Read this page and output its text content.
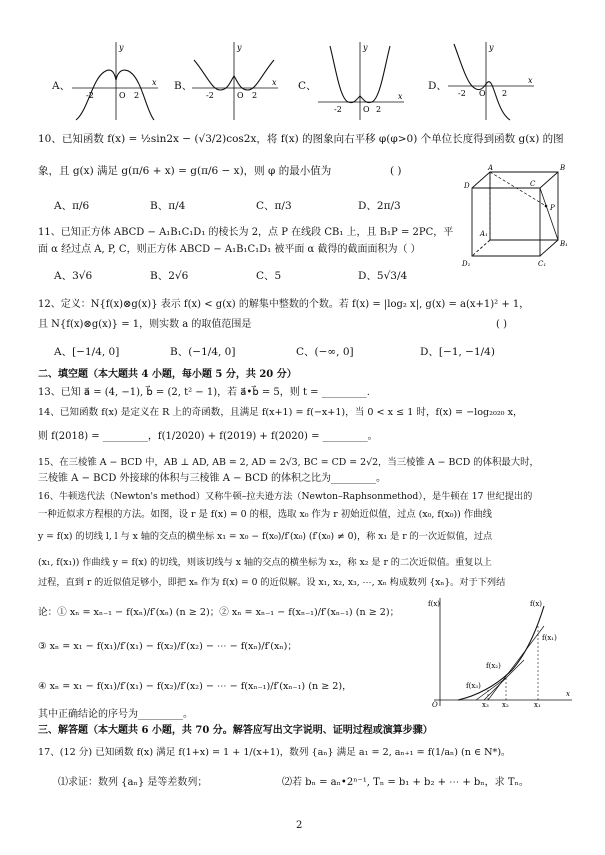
A、
-2	O 2
x
y
B、
-2	O 2
x
y
C、
-2	O 2
x
y
D、
-2 O 2
x
y
10、已知函数 f(x) = ½sin2x − (√3/2)cos2x，将 f(x) 的图象向右平移 φ(φ>0) 个单位长度得到函数 g(x) 的图
象，且 g(x) 满足 g(π/6 + x) = g(π/6 − x)，则 φ 的最小值为	( )
A、π/6	B、π/4	C、π/3	D、2π/3
A	B
D	C
P
A₁
B₁
D₁	C₁
11、已知正方体 ABCD − A₁B₁C₁D₁ 的棱长为 2，点 P 在线段 CB₁ 上，且 B₁P = 2PC，平
面 α 经过点 A, P, C，则正方体 ABCD − A₁B₁C₁D₁ 被平面 α 截得的截面面积为（ ）
A、3√6	B、2√6	C、5	D、5√3/4
12、定义：N{f(x)⊗g(x)} 表示 f(x) < g(x) 的解集中整数的个数。若 f(x) = |log₂ x|, g(x) = a(x+1)² + 1，
且 N{f(x)⊗g(x)} = 1，则实数 a 的取值范围是	( )
A、[−1/4, 0]	B、(−1/4, 0]	C、(−∞, 0]	D、[−1, −1/4)
二、填空题（本大题共 4 小题，每小题 5 分，共 20 分）
13、已知 a⃗ = (4, −1), b⃗ = (2, t² − 1)，若 a⃗•b⃗ = 5，则 t = _________.
14、已知函数 f(x) 是定义在 R 上的奇函数，且满足 f(x+1) = f(−x+1)，当 0 < x ≤ 1 时，f(x) = −log₂₀₂₀ x，
则 f(2018) = _________，f(1/2020) + f(2019) + f(2020) = _________。
15、在三棱锥 A − BCD 中，AB ⊥ AD, AB = 2, AD = 2√3, BC = CD = 2√2，当三棱锥 A − BCD 的体积最大时，
三棱锥 A − BCD 外接球的体积与三棱锥 A − BCD 的体积之比为_________。
16、牛顿迭代法（Newton's method）又称牛顿–拉夫逊方法（Newton–Raphsonmethod），是牛顿在 17 世纪提出的
一种近似求方程根的方法。如图，设 r 是 f(x) = 0 的根，选取 x₀ 作为 r 初始近似值，过点 (x₀, f(x₀)) 作曲线
y = f(x) 的切线 l, l 与 x 轴的交点的横坐标 x₁ = x₀ − f(x₀)/f′(x₀) (f′(x₀) ≠ 0)，称 x₁ 是 r 的一次近似值，过点
(x₁, f(x₁)) 作曲线 y = f(x) 的切线，则该切线与 x 轴的交点的横坐标为 x₂，称 x₂ 是 r 的二次近似值。重复以上
过程，直到 r 的近似值足够小，即把 xₙ 作为 f(x) = 0 的近似解。设 x₁, x₂, x₃, ⋯, xₙ 构成数列 {xₙ}。对于下列结
论：① xₙ = xₙ₋₁ − f(xₙ)/f′(xₙ) (n ≥ 2)；② xₙ = xₙ₋₁ − f(xₙ₋₁)/f′(xₙ₋₁) (n ≥ 2)；
③ xₙ = x₁ − f(x₁)/f′(x₁) − f(x₂)/f′(x₂) − ⋯ − f(xₙ)/f′(xₙ)；
④ xₙ = x₁ − f(x₁)/f′(x₁) − f(x₂)/f′(x₂) − ⋯ − f(xₙ₋₁)/f′(xₙ₋₁) (n ≥ 2)，
其中正确结论的序号为_________。
f(x)	f(x)
f(x₁)
f(x₂)
f(x₃)
O	x₃ x₂	x₁
x
三、解答题（本大题共 6 小题，共 70 分。解答应写出文字说明、证明过程或演算步骤）
17、(12 分) 已知函数 f(x) 满足 f(1+x) = 1 + 1/(x+1)，数列 {aₙ} 满足 a₁ = 2, aₙ₊₁ = f(1/aₙ) (n ∈ N*)。
⑴求证：数列 {aₙ} 是等差数列；	⑵若 bₙ = aₙ•2ⁿ⁻¹, Tₙ = b₁ + b₂ + ⋯ + bₙ，求 Tₙ。
2
